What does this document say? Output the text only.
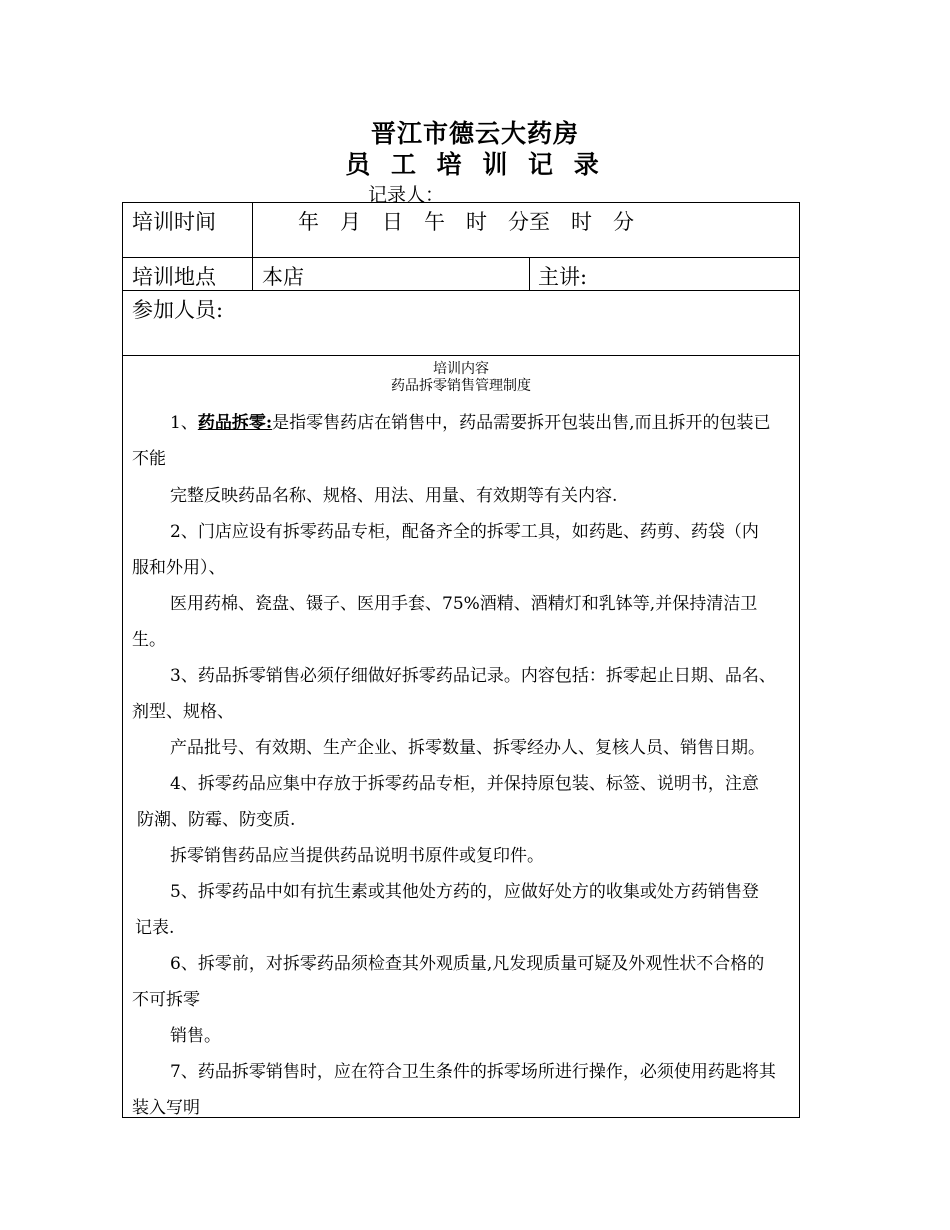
晋江市德云大药房
员 工 培 训 记 录
记录人：
培训时间	年　月　日　午　时　分至　时　分
培训地点 本店	主讲:
参加人员:
培训内容
药品拆零销售管理制度
1、药品拆零:是指零售药店在销售中，药品需要拆开包装出售,而且拆开的包装已
不能
完整反映药品名称、规格、用法、用量、有效期等有关内容.
2、门店应设有拆零药品专柜，配备齐全的拆零工具，如药匙、药剪、药袋（内
服和外用）、
医用药棉、瓷盘、镊子、医用手套、75%酒精、酒精灯和乳钵等,并保持清洁卫
生。
3、药品拆零销售必须仔细做好拆零药品记录。内容包括：拆零起止日期、品名、
剂型、规格、
产品批号、有效期、生产企业、拆零数量、拆零经办人、复核人员、销售日期。
4、拆零药品应集中存放于拆零药品专柜，并保持原包装、标签、说明书，注意
防潮、防霉、防变质.
拆零销售药品应当提供药品说明书原件或复印件。
5、拆零药品中如有抗生素或其他处方药的，应做好处方的收集或处方药销售登
记表.
6、拆零前，对拆零药品须检查其外观质量,凡发现质量可疑及外观性状不合格的
不可拆零
销售。
7、药品拆零销售时，应在符合卫生条件的拆零场所进行操作，必须使用药匙将其
装入写明
